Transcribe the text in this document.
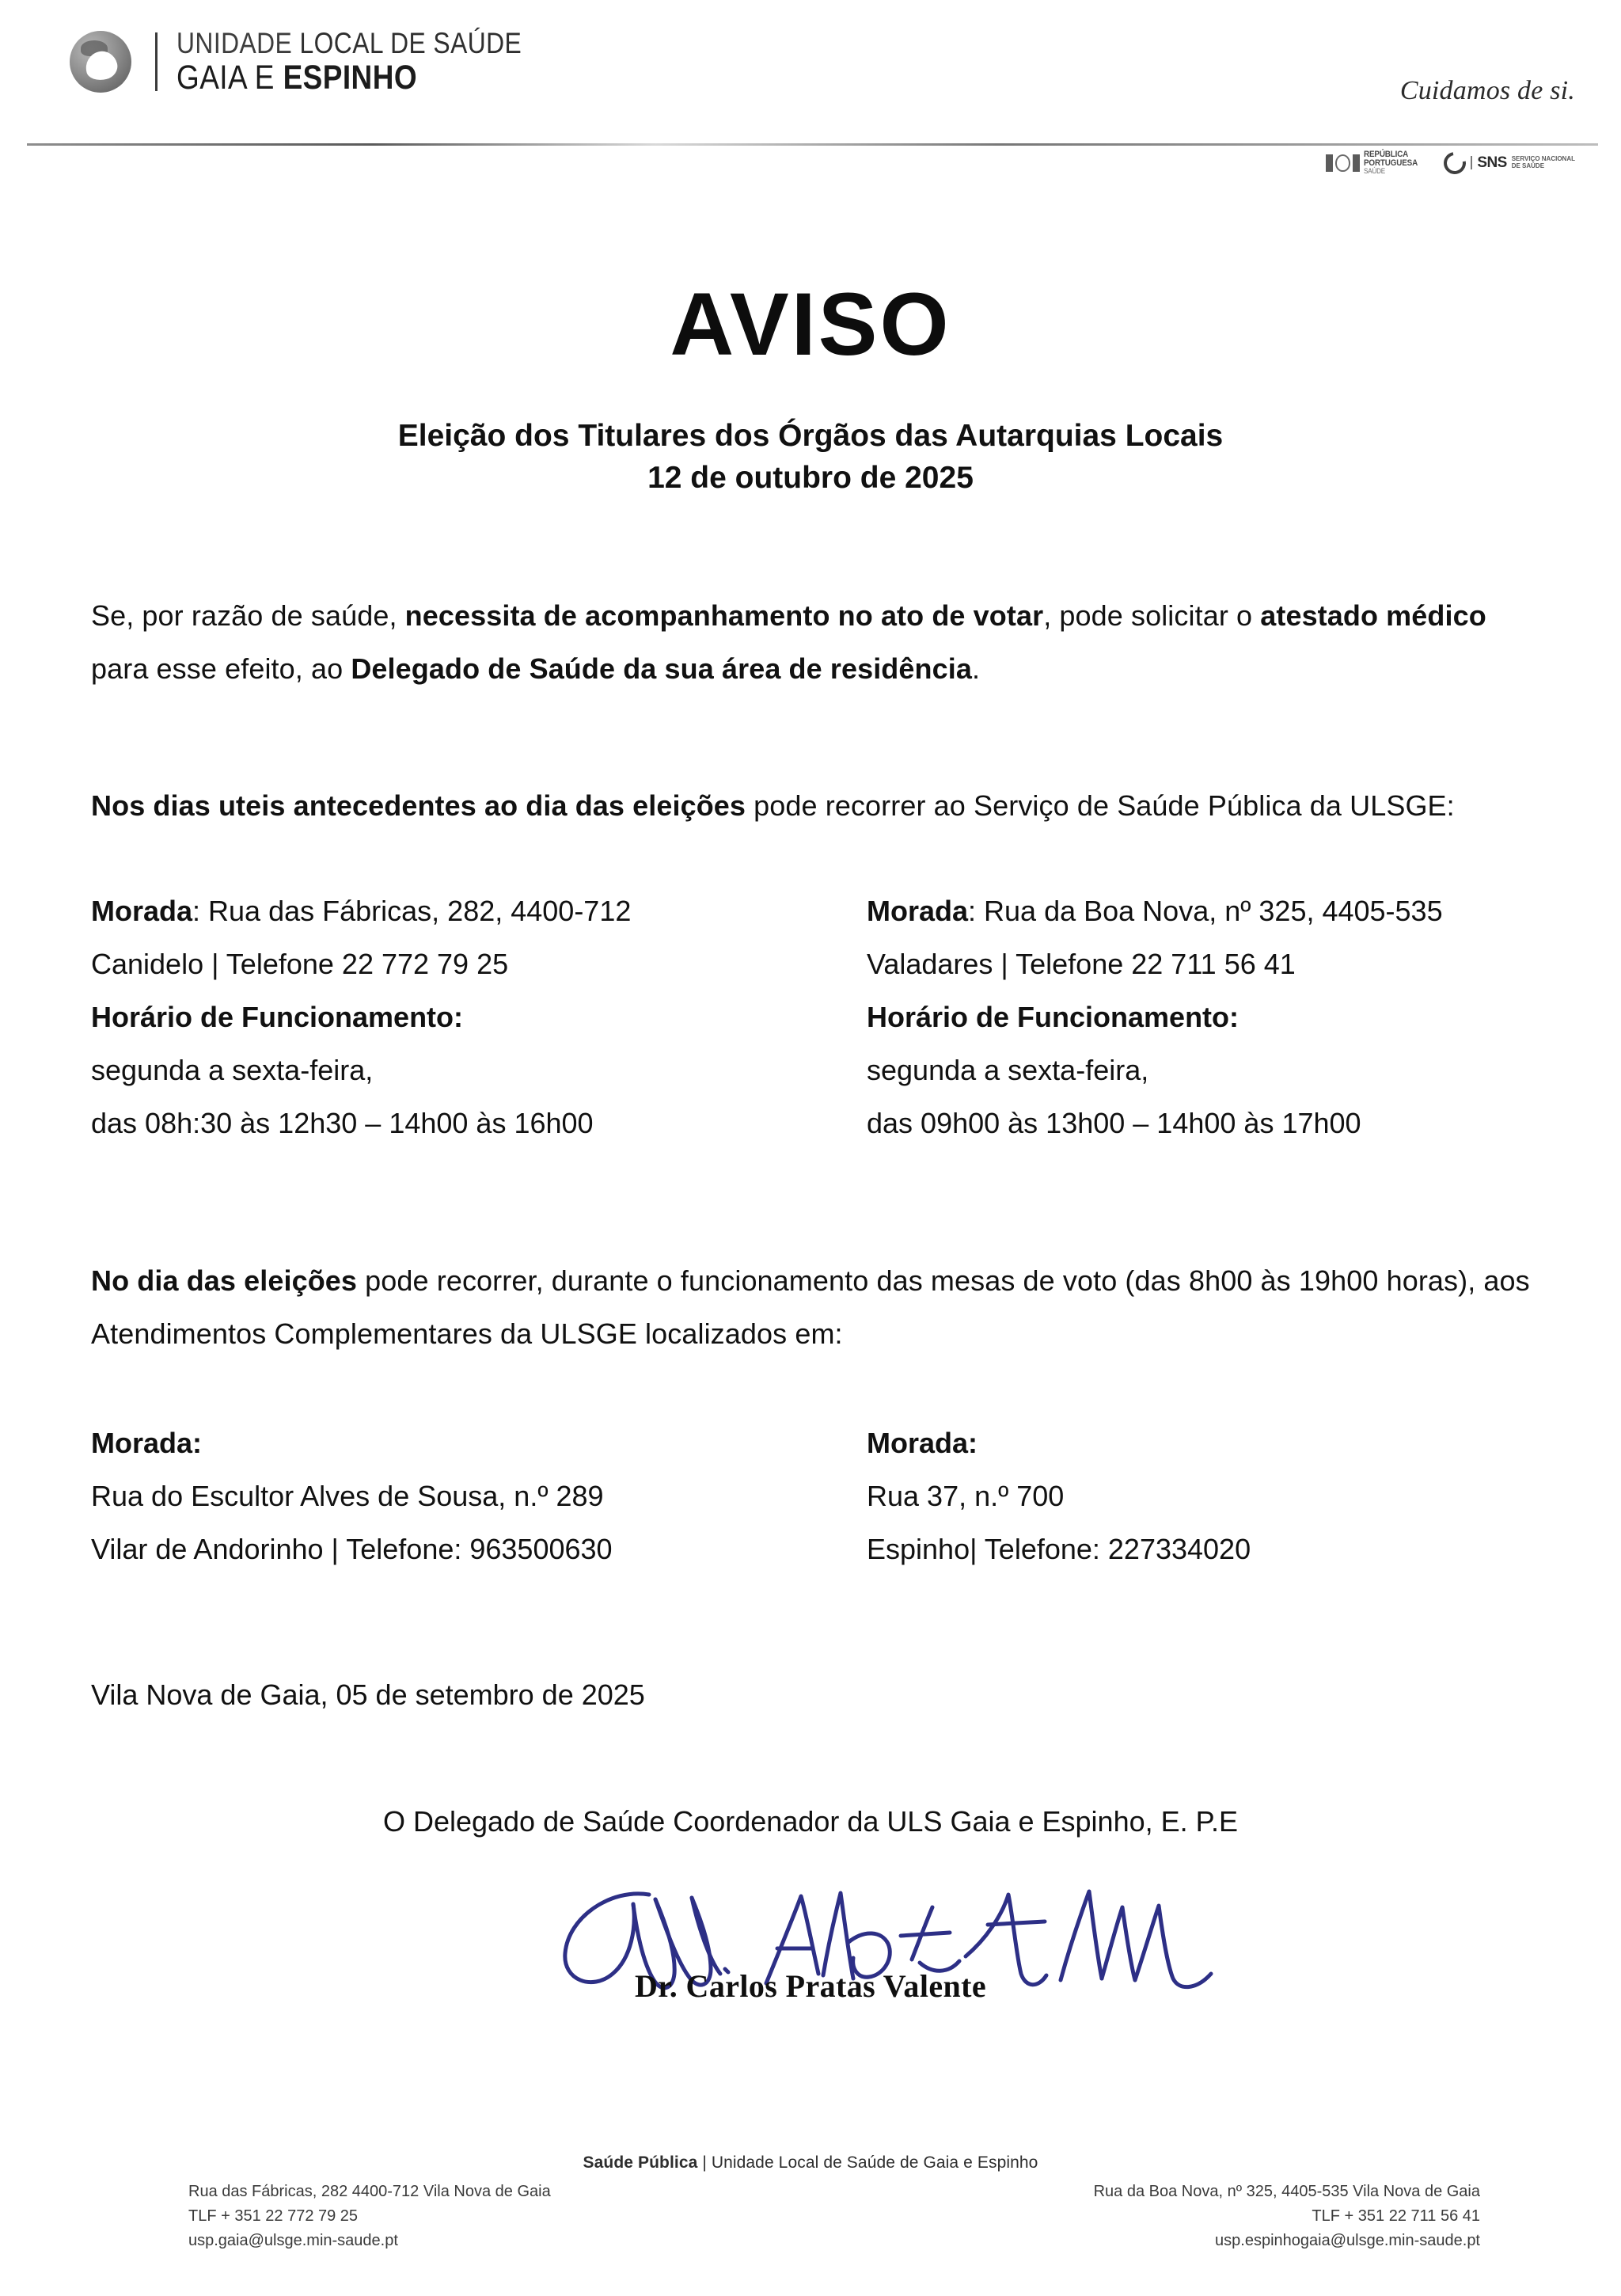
UNIDADE LOCAL DE SAÚDE
GAIA E ESPINHO	Cuidamos de si.
REPÚBLICA
PORTUGUESA
SAÚDE
SNS SERVIÇO NACIONAL
DE SAÚDE
AVISO
Eleição dos Titulares dos Órgãos das Autarquias Locais
12 de outubro de 2025
Se, por razão de saúde, necessita de acompanhamento no ato de votar, pode solicitar o atestado médico para esse efeito, ao Delegado de Saúde da sua área de residência.
Nos dias uteis antecedentes ao dia das eleições pode recorrer ao Serviço de Saúde Pública da ULSGE:
Morada: Rua das Fábricas, 282, 4400-712
Canidelo | Telefone 22 772 79 25
Horário de Funcionamento:
segunda a sexta-feira,
das 08h:30 às 12h30 – 14h00 às 16h00
Morada: Rua da Boa Nova, nº 325, 4405-535
Valadares | Telefone 22 711 56 41
Horário de Funcionamento:
segunda a sexta-feira,
das 09h00 às 13h00 – 14h00 às 17h00
No dia das eleições pode recorrer, durante o funcionamento das mesas de voto (das 8h00 às 19h00 horas), aos Atendimentos Complementares da ULSGE localizados em:
Morada:
Rua do Escultor Alves de Sousa, n.º 289
Vilar de Andorinho | Telefone: 963500630
Morada:
Rua 37, n.º 700
Espinho| Telefone: 227334020
Vila Nova de Gaia, 05 de setembro de 2025
O Delegado de Saúde Coordenador da ULS Gaia e Espinho, E. P.E
Dr. Carlos Pratas Valente
Saúde Pública | Unidade Local de Saúde de Gaia e Espinho
Rua das Fábricas, 282 4400-712 Vila Nova de Gaia
TLF + 351 22 772 79 25
usp.gaia@ulsge.min-saude.pt
Rua da Boa Nova, nº 325, 4405-535 Vila Nova de Gaia
TLF + 351 22 711 56 41
usp.espinhogaia@ulsge.min-saude.pt
